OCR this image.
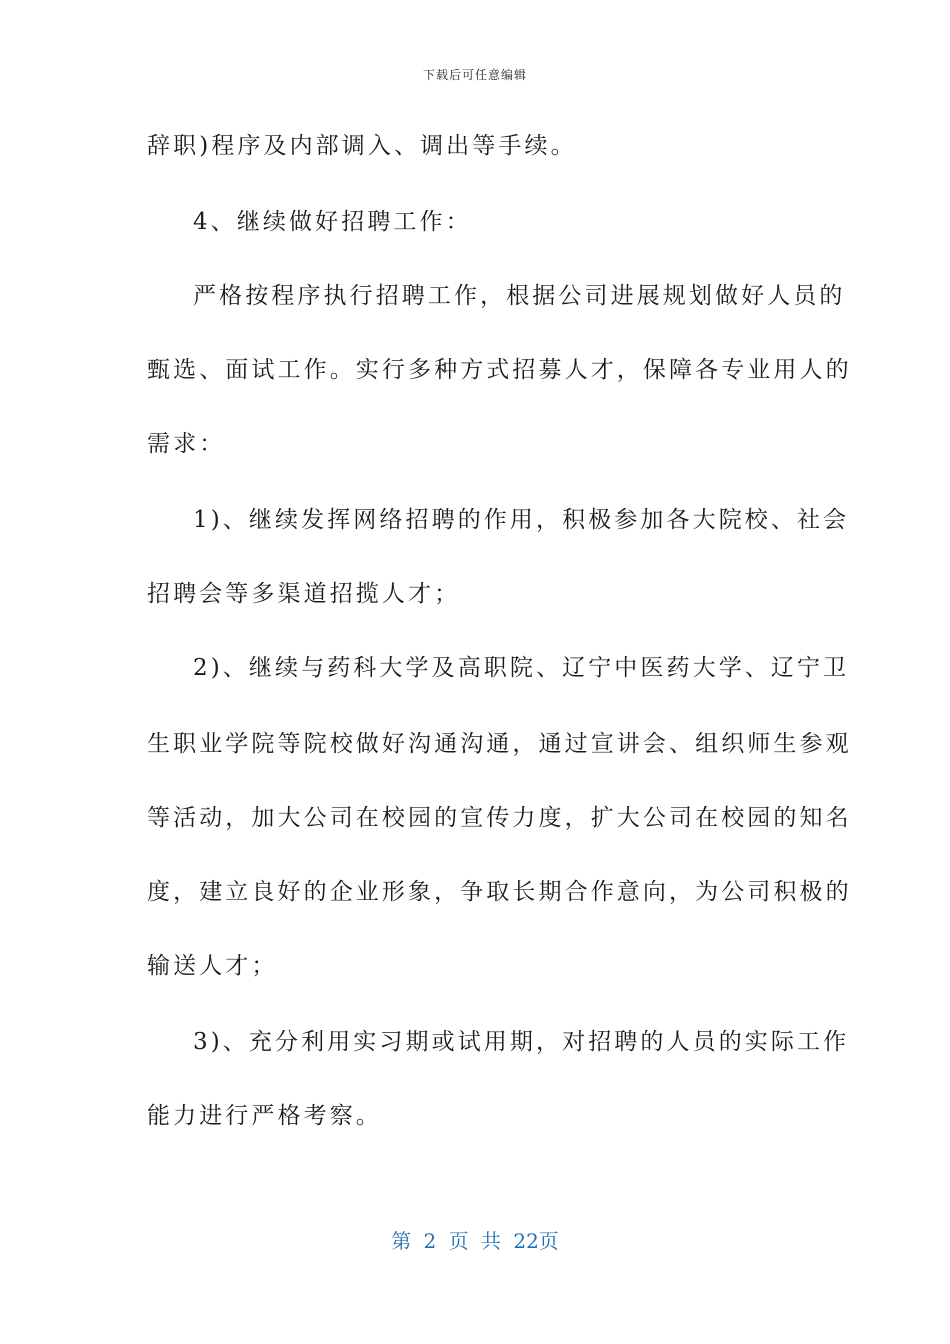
下载后可任意编辑
辞职)程序及内部调入、调出等手续。
4、继续做好招聘工作：
严格按程序执行招聘工作，根据公司进展规划做好人员的
甄选、面试工作。实行多种方式招募人才，保障各专业用人的
需求：
1)、继续发挥网络招聘的作用，积极参加各大院校、社会
招聘会等多渠道招揽人才；
2)、继续与药科大学及高职院、辽宁中医药大学、辽宁卫
生职业学院等院校做好沟通沟通，通过宣讲会、组织师生参观
等活动，加大公司在校园的宣传力度，扩大公司在校园的知名
度，建立良好的企业形象，争取长期合作意向，为公司积极的
输送人才；
3)、充分利用实习期或试用期，对招聘的人员的实际工作
能力进行严格考察。
第 2 页 共 22页
